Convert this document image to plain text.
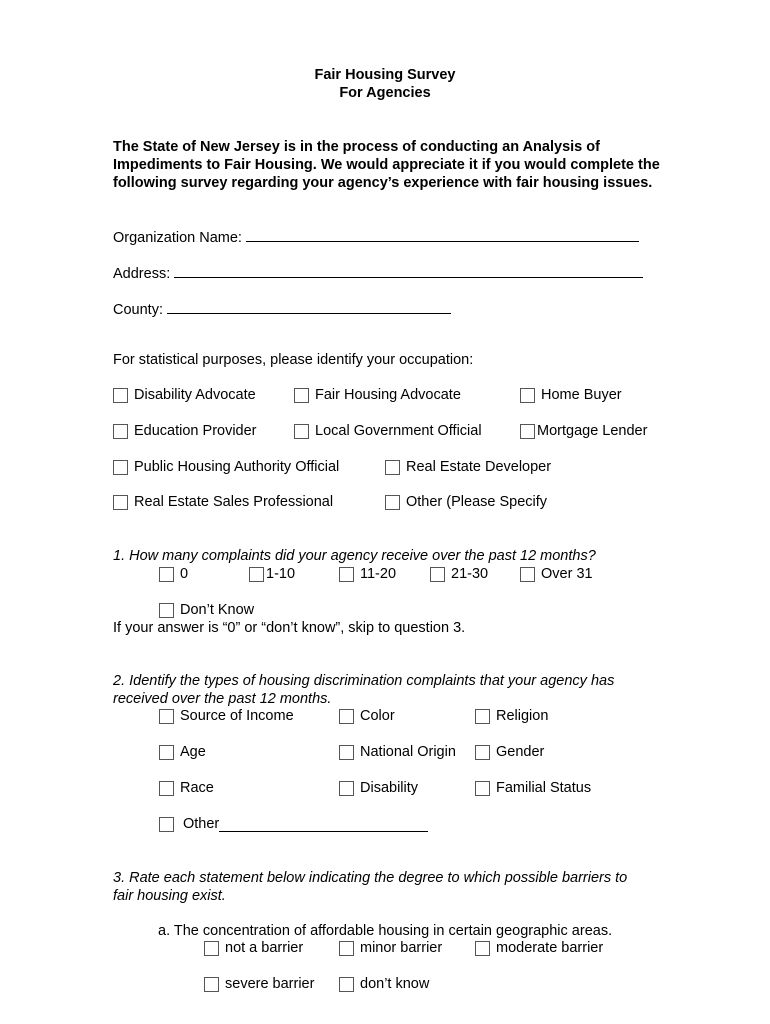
Fair Housing Survey
For Agencies
The State of New Jersey is in the process of conducting an Analysis of Impediments to Fair Housing. We would appreciate it if you would complete the following survey regarding your agency’s experience with fair housing issues.
Organization Name:
Address:
County:
For statistical purposes, please identify your occupation:
Disability Advocate	Fair Housing Advocate	Home Buyer
Education Provider	Local Government Official	Mortgage Lender
Public Housing Authority Official	Real Estate Developer
Real Estate Sales Professional	Other (Please Specify
1. How many complaints did your agency receive over the past 12 months?
0	1-10	11-20	21-30	Over 31
Don’t Know
If your answer is “0” or “don’t know”, skip to question 3.
2. Identify the types of housing discrimination complaints that your agency has
received over the past 12 months.
Source of Income	Color	Religion
Age	National Origin	Gender
Race	Disability	Familial Status
Other
3. Rate each statement below indicating the degree to which possible barriers to
fair housing exist.
a. The concentration of affordable housing in certain geographic areas.
not a barrier	minor barrier	moderate barrier
severe barrier	don’t know
